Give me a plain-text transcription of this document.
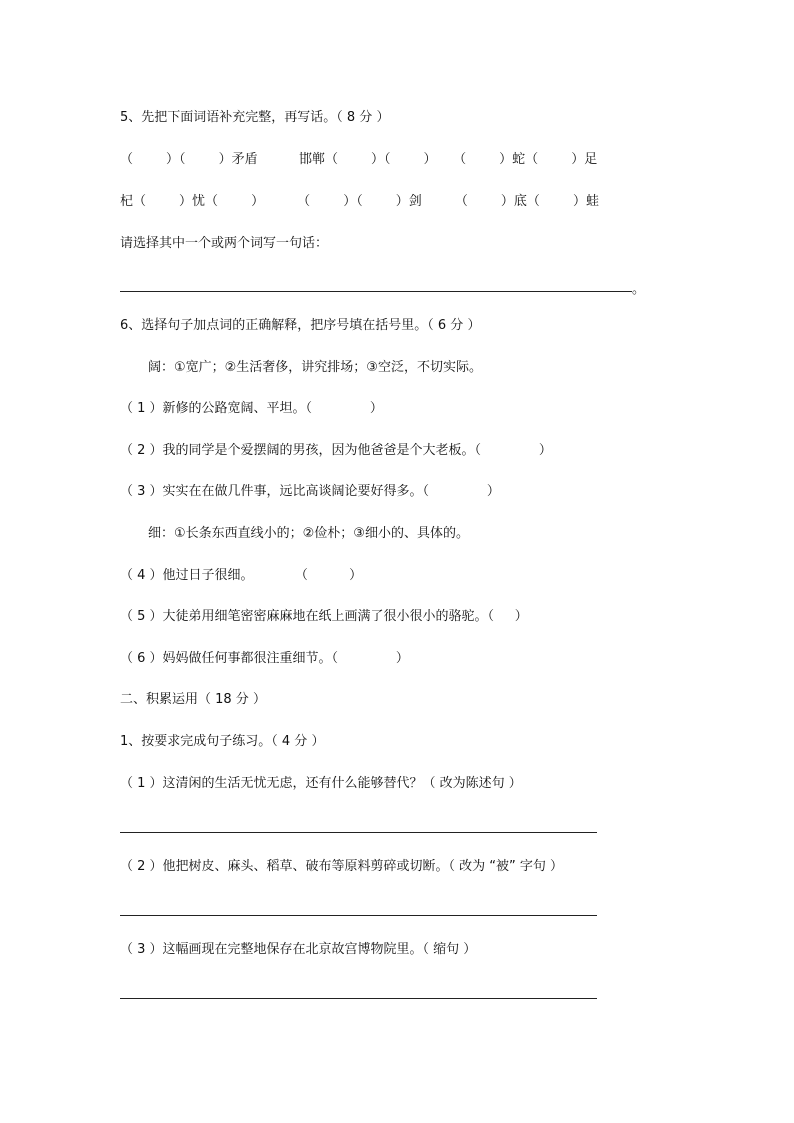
5、先把下面词语补充完整，再写话。（ 8 分 ）
（        ）（        ）矛盾          邯郸（        ）（        ）    （        ）蛇（        ）足
杞（        ）忧（        ）        （        ）（        ）剑        （        ）底（        ）蛙
请选择其中一个或两个词写一句话：
。
6、选择句子加点词的正确解释，把序号填在括号里。（ 6 分 ）
阔：①宽广；②生活奢侈，讲究排场；③空泛，不切实际。
（ 1 ）新修的公路宽阔、平坦。（              ）
（ 2 ）我的同学是个爱摆阔的男孩，因为他爸爸是个大老板。（              ）
（ 3 ）实实在在做几件事，远比高谈阔论要好得多。（              ）
细：①长条东西直线小的；②俭朴；③细小的、具体的。
（ 4 ）他过日子很细。          （          ）
（ 5 ）大徒弟用细笔密密麻麻地在纸上画满了很小很小的骆驼。（     ）
（ 6 ）妈妈做任何事都很注重细节。（              ）
二、积累运用（ 18 分 ）
1、按要求完成句子练习。（ 4 分 ）
（ 1 ）这清闲的生活无忧无虑，还有什么能够替代？（ 改为陈述句 ）
（ 2 ）他把树皮、麻头、稻草、破布等原料剪碎或切断。（ 改为 “被” 字句 ）
（ 3 ）这幅画现在完整地保存在北京故宫博物院里。（ 缩句 ）
